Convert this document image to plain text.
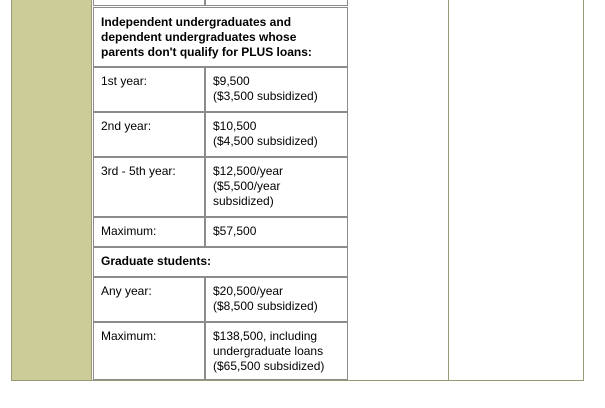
Independent undergraduates and
dependent undergraduates whose
parents don't qualify for PLUS loans:
1st year:	$9,500
($3,500 subsidized)
2nd year:	$10,500
($4,500 subsidized)
3rd - 5th year:	$12,500/year
($5,500/year
subsidized)
Maximum:	$57,500
Graduate students:
Any year:	$20,500/year
($8,500 subsidized)
Maximum:	$138,500, including
undergraduate loans
($65,500 subsidized)
